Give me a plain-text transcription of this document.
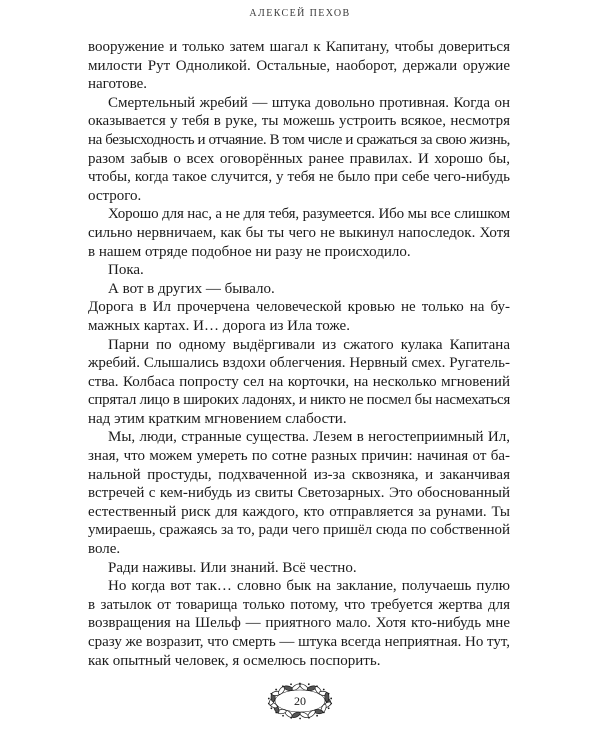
АЛЕКСЕЙ ПЕХОВ
вооружение и только затем шагал к Капитану, чтобы довериться
милости Рут Одноликой. Остальные, наоборот, держали оружие
наготове.
Смертельный жребий — штука довольно противная. Когда он
оказывается у тебя в руке, ты можешь устроить всякое, несмотря
на безысходность и отчаяние. В том числе и сражаться за свою жизнь,
разом забыв о всех оговорённых ранее правилах. И хорошо бы,
чтобы, когда такое случится, у тебя не было при себе чего-нибудь
острого.
Хорошо для нас, а не для тебя, разумеется. Ибо мы все слишком
сильно нервничаем, как бы ты чего не выкинул напоследок. Хотя
в нашем отряде подобное ни разу не происходило.
Пока.
А вот в других — бывало.
Дорога в Ил прочерчена человеческой кровью не только на бу-
мажных картах. И… дорога из Ила тоже.
Парни по одному выдёргивали из сжатого кулака Капитана
жребий. Слышались вздохи облегчения. Нервный смех. Ругатель-
ства. Колбаса попросту сел на корточки, на несколько мгновений
спрятал лицо в широких ладонях, и никто не посмел бы насмехаться
над этим кратким мгновением слабости.
Мы, люди, странные существа. Лезем в негостеприимный Ил,
зная, что можем умереть по сотне разных причин: начиная от ба-
нальной простуды, подхваченной из-за сквозняка, и заканчивая
встречей с кем-нибудь из свиты Светозарных. Это обоснованный
естественный риск для каждого, кто отправляется за рунами. Ты
умираешь, сражаясь за то, ради чего пришёл сюда по собственной
воле.
Ради наживы. Или знаний. Всё честно.
Но когда вот так… словно бык на заклание, получаешь пулю
в затылок от товарища только потому, что требуется жертва для
возвращения на Шельф — приятного мало. Хотя кто-нибудь мне
сразу же возразит, что смерть — штука всегда неприятная. Но тут,
как опытный человек, я осмелюсь поспорить.
20
